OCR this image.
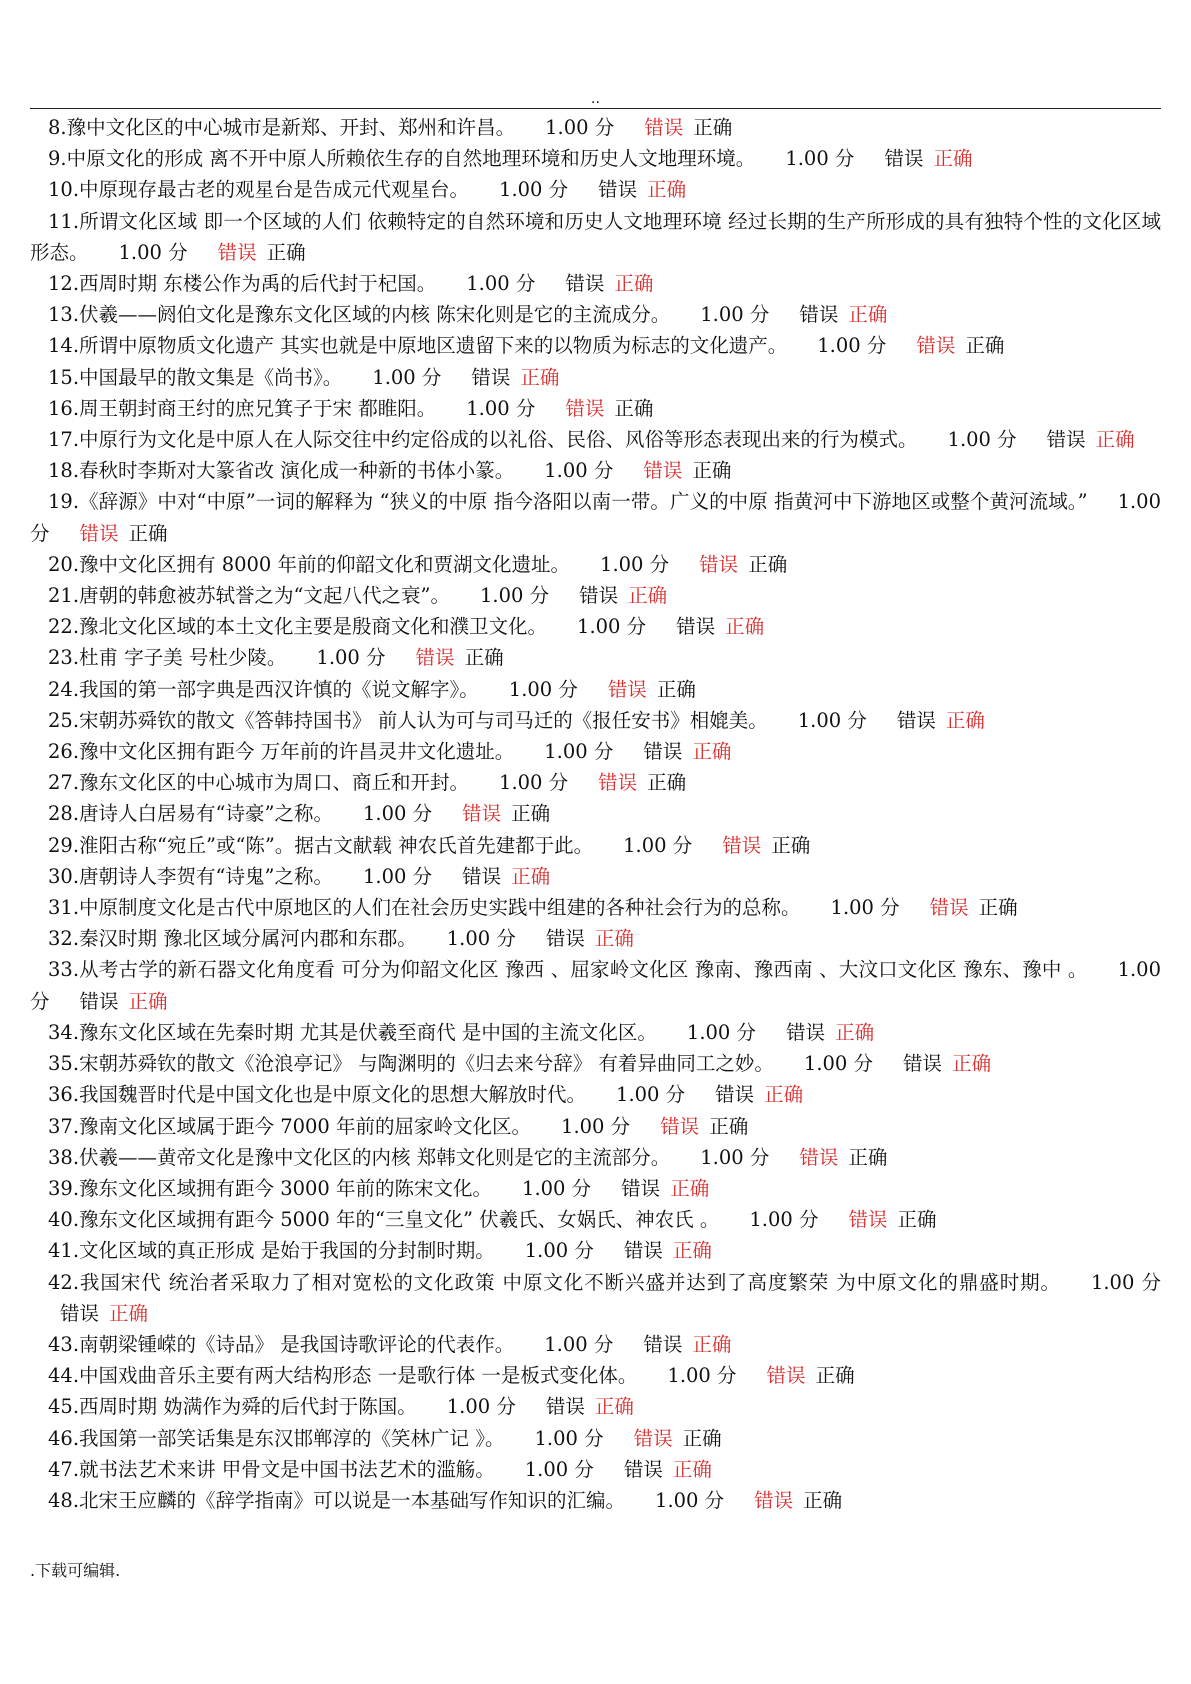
..

8.豫中文化区的中心城市是新郑、开封、郑州和许昌。 1.00 分 错误 正确

9.中原文化的形成 离不开中原人所赖依生存的自然地理环境和历史人文地理环境。 1.00 分 错误 正确

10.中原现存最古老的观星台是告成元代观星台。 1.00 分 错误 正确

11.所谓文化区域 即一个区域的人们 依赖特定的自然环境和历史人文地理环境 经过长期的生产所形成的具有独特个性的文化区域形态。 1.00 分 错误 正确

12.西周时期 东楼公作为禹的后代封于杞国。 1.00 分 错误 正确

13.伏羲——阏伯文化是豫东文化区域的内核 陈宋化则是它的主流成分。 1.00 分 错误 正确

14.所谓中原物质文化遗产 其实也就是中原地区遗留下来的以物质为标志的文化遗产。 1.00 分 错误 正确

15.中国最早的散文集是《尚书》。 1.00 分 错误 正确

16.周王朝封商王纣的庶兄箕子于宋 都睢阳。 1.00 分 错误 正确

17.中原行为文化是中原人在人际交往中约定俗成的以礼俗、民俗、风俗等形态表现出来的行为模式。 1.00 分 错误 正确

18.春秋时李斯对大篆省改 演化成一种新的书体小篆。 1.00 分 错误 正确

19.《辞源》中对“中原”一词的解释为 “狭义的中原 指今洛阳以南一带。广义的中原 指黄河中下游地区或整个黄河流域。” 1.00 分 错误 正确

20.豫中文化区拥有 8000 年前的仰韶文化和贾湖文化遗址。 1.00 分 错误 正确

21.唐朝的韩愈被苏轼誉之为“文起八代之衰”。 1.00 分 错误 正确

22.豫北文化区域的本土文化主要是殷商文化和濮卫文化。 1.00 分 错误 正确

23.杜甫 字子美 号杜少陵。 1.00 分 错误 正确

24.我国的第一部字典是西汉许慎的《说文解字》。 1.00 分 错误 正确

25.宋朝苏舜钦的散文《答韩持国书》 前人认为可与司马迁的《报任安书》相媲美。 1.00 分 错误 正确

26.豫中文化区拥有距今 万年前的许昌灵井文化遗址。 1.00 分 错误 正确

27.豫东文化区的中心城市为周口、商丘和开封。 1.00 分 错误 正确

28.唐诗人白居易有“诗豪”之称。 1.00 分 错误 正确

29.淮阳古称“宛丘”或“陈”。据古文献载 神农氏首先建都于此。 1.00 分 错误 正确

30.唐朝诗人李贺有“诗鬼”之称。 1.00 分 错误 正确

31.中原制度文化是古代中原地区的人们在社会历史实践中组建的各种社会行为的总称。 1.00 分 错误 正确

32.秦汉时期 豫北区域分属河内郡和东郡。 1.00 分 错误 正确

33.从考古学的新石器文化角度看 可分为仰韶文化区 豫西 、屈家岭文化区 豫南、豫西南 、大汶口文化区 豫东、豫中 。 1.00 分 错误 正确

34.豫东文化区域在先秦时期 尤其是伏羲至商代 是中国的主流文化区。 1.00 分 错误 正确

35.宋朝苏舜钦的散文《沧浪亭记》 与陶渊明的《归去来兮辞》 有着异曲同工之妙。 1.00 分 错误 正确

36.我国魏晋时代是中国文化也是中原文化的思想大解放时代。 1.00 分 错误 正确

37.豫南文化区域属于距今 7000 年前的屈家岭文化区。 1.00 分 错误 正确

38.伏羲——黄帝文化是豫中文化区的内核 郑韩文化则是它的主流部分。 1.00 分 错误 正确

39.豫东文化区域拥有距今 3000 年前的陈宋文化。 1.00 分 错误 正确

40.豫东文化区域拥有距今 5000 年的“三皇文化” 伏羲氏、女娲氏、神农氏 。 1.00 分 错误 正确

41.文化区域的真正形成 是始于我国的分封制时期。 1.00 分 错误 正确

42.我国宋代 统治者采取力了相对宽松的文化政策 中原文化不断兴盛并达到了高度繁荣 为中原文化的鼎盛时期。 1.00 分错误 正确

43.南朝梁锺嵘的《诗品》 是我国诗歌评论的代表作。 1.00 分 错误 正确

44.中国戏曲音乐主要有两大结构形态 一是歌行体 一是板式变化体。 1.00 分 错误 正确

45.西周时期 妫满作为舜的后代封于陈国。 1.00 分 错误 正确

46.我国第一部笑话集是东汉邯郸淳的《笑林广记 》。 1.00 分 错误 正确

47.就书法艺术来讲 甲骨文是中国书法艺术的滥觞。 1.00 分 错误 正确

48.北宋王应麟的《辞学指南》可以说是一本基础写作知识的汇编。 1.00 分 错误 正确

.下载可编辑.
